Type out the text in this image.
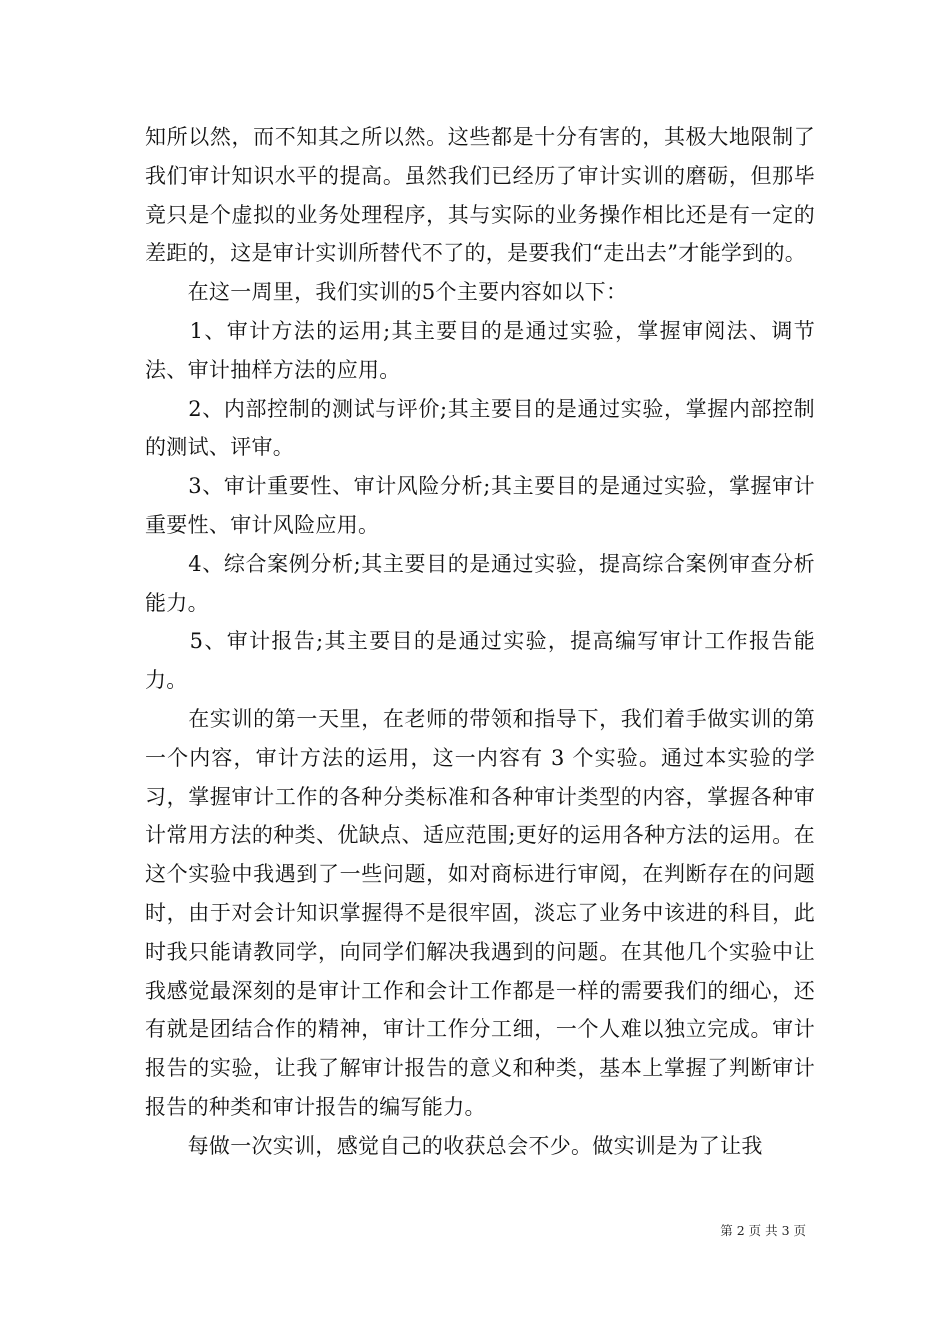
知所以然，而不知其之所以然。这些都是十分有害的，其极大地限制了我们审计知识水平的提高。虽然我们已经历了审计实训的磨砺，但那毕竟只是个虚拟的业务处理程序，其与实际的业务操作相比还是有一定的差距的，这是审计实训所替代不了的，是要我们“走出去”才能学到的。

　　在这一周里，我们实训的5个主要内容如以下：

　　1、审计方法的运用;其主要目的是通过实验，掌握审阅法、调节法、审计抽样方法的应用。

　　2、内部控制的测试与评价;其主要目的是通过实验，掌握内部控制的测试、评审。

　　3、审计重要性、审计风险分析;其主要目的是通过实验，掌握审计重要性、审计风险应用。

　　4、综合案例分析;其主要目的是通过实验，提高综合案例审查分析能力。

　　5、审计报告;其主要目的是通过实验，提高编写审计工作报告能力。

　　在实训的第一天里，在老师的带领和指导下，我们着手做实训的第一个内容，审计方法的运用，这一内容有 3 个实验。通过本实验的学习，掌握审计工作的各种分类标准和各种审计类型的内容，掌握各种审计常用方法的种类、优缺点、适应范围;更好的运用各种方法的运用。在这个实验中我遇到了一些问题，如对商标进行审阅，在判断存在的问题时，由于对会计知识掌握得不是很牢固，淡忘了业务中该进的科目，此时我只能请教同学，向同学们解决我遇到的问题。在其他几个实验中让我感觉最深刻的是审计工作和会计工作都是一样的需要我们的细心，还有就是团结合作的精神，审计工作分工细，一个人难以独立完成。审计报告的实验，让我了解审计报告的意义和种类，基本上掌握了判断审计报告的种类和审计报告的编写能力。

　　每做一次实训，感觉自己的收获总会不少。做实训是为了让我

第 2 页 共 3 页
